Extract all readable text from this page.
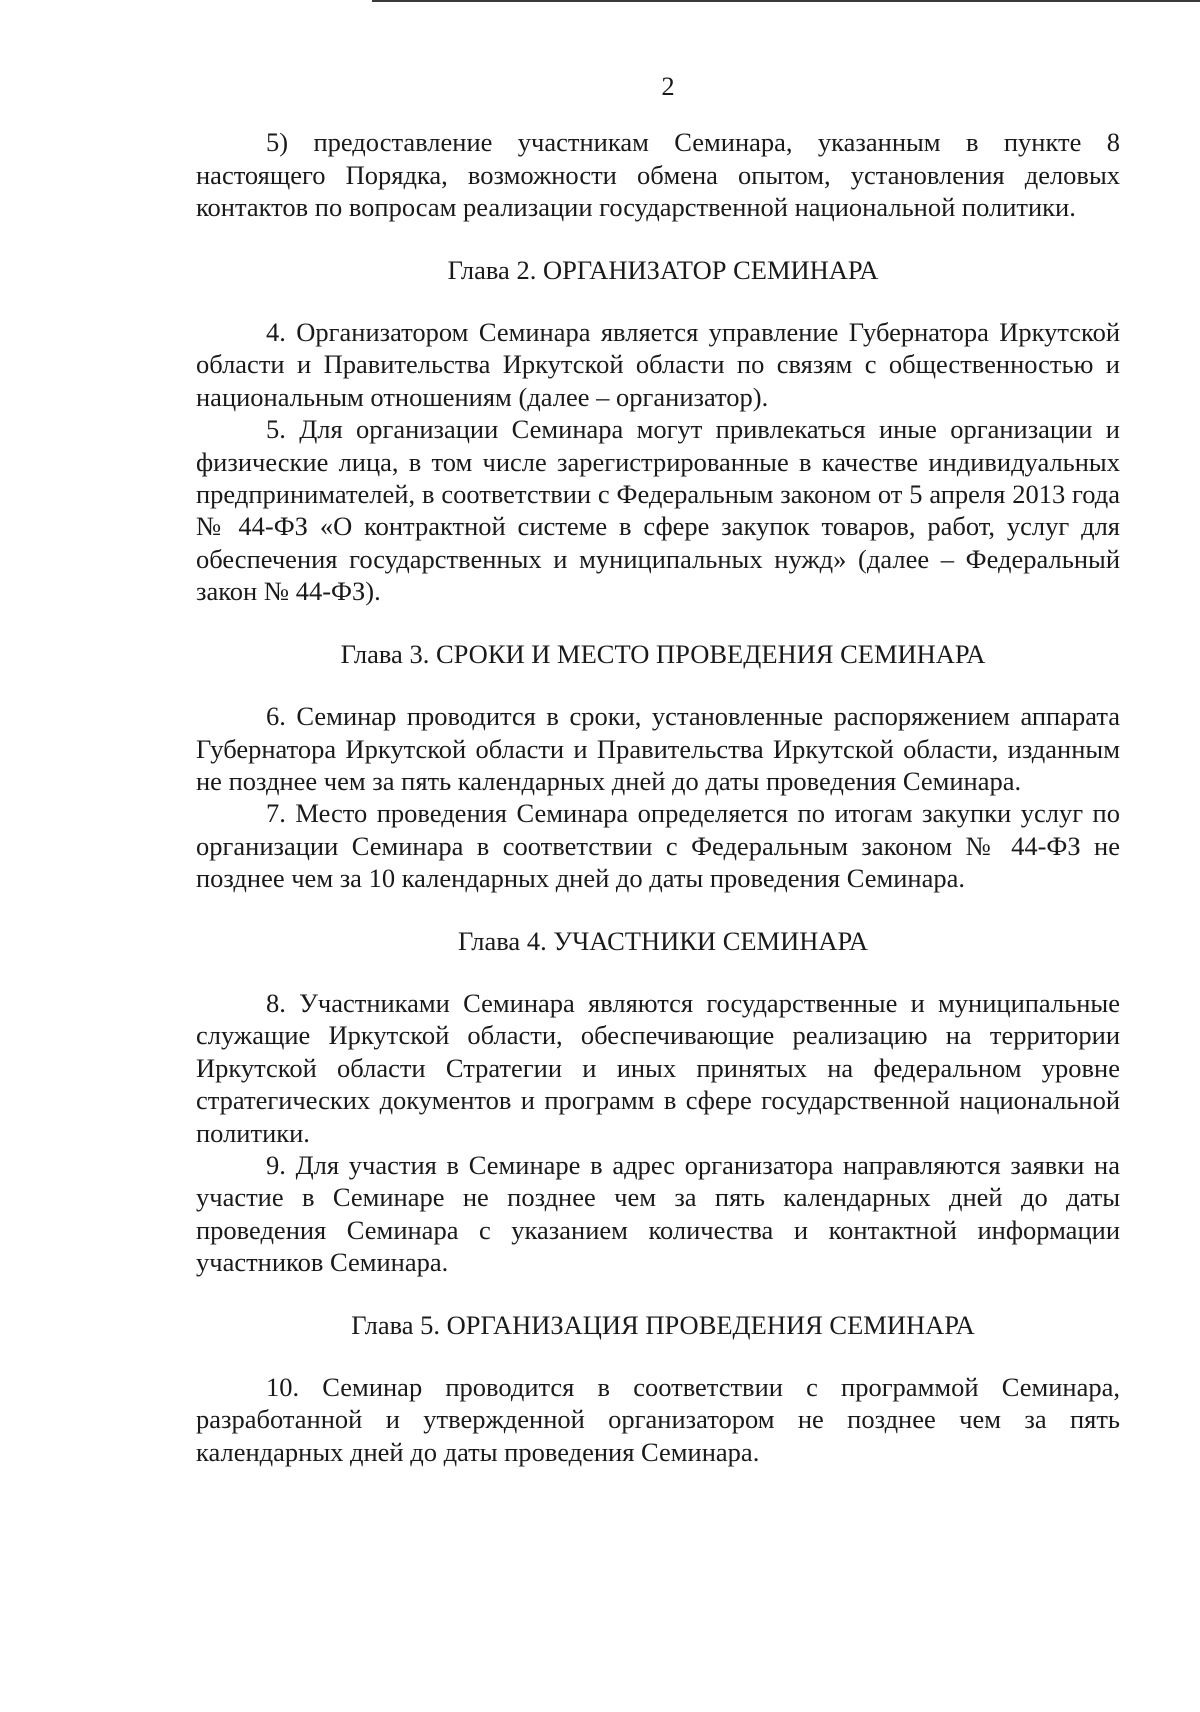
2

5) предоставление участникам Семинара, указанным в пункте 8 настоящего Порядка, возможности обмена опытом, установления деловых контактов по вопросам реализации государственной национальной политики.

Глава 2. ОРГАНИЗАТОР СЕМИНАРА

4. Организатором Семинара является управление Губернатора Иркутской области и Правительства Иркутской области по связям с общественностью и национальным отношениям (далее – организатор).

5. Для организации Семинара могут привлекаться иные организации и физические лица, в том числе зарегистрированные в качестве индивидуальных предпринимателей, в соответствии с Федеральным законом от 5 апреля 2013 года № 44-ФЗ «О контрактной системе в сфере закупок товаров, работ, услуг для обеспечения государственных и муниципальных нужд» (далее – Федеральный закон № 44-ФЗ).

Глава 3. СРОКИ И МЕСТО ПРОВЕДЕНИЯ СЕМИНАРА

6. Семинар проводится в сроки, установленные распоряжением аппарата Губернатора Иркутской области и Правительства Иркутской области, изданным не позднее чем за пять календарных дней до даты проведения Семинара.

7. Место проведения Семинара определяется по итогам закупки услуг по организации Семинара в соответствии с Федеральным законом № 44-ФЗ не позднее чем за 10 календарных дней до даты проведения Семинара.

Глава 4. УЧАСТНИКИ СЕМИНАРА

8. Участниками Семинара являются государственные и муниципальные служащие Иркутской области, обеспечивающие реализацию на территории Иркутской области Стратегии и иных принятых на федеральном уровне стратегических документов и программ в сфере государственной национальной политики.

9. Для участия в Семинаре в адрес организатора направляются заявки на участие в Семинаре не позднее чем за пять календарных дней до даты проведения Семинара с указанием количества и контактной информации участников Семинара.

Глава 5. ОРГАНИЗАЦИЯ ПРОВЕДЕНИЯ СЕМИНАРА

10. Семинар проводится в соответствии с программой Семинара, разработанной и утвержденной организатором не позднее чем за пять календарных дней до даты проведения Семинара.
